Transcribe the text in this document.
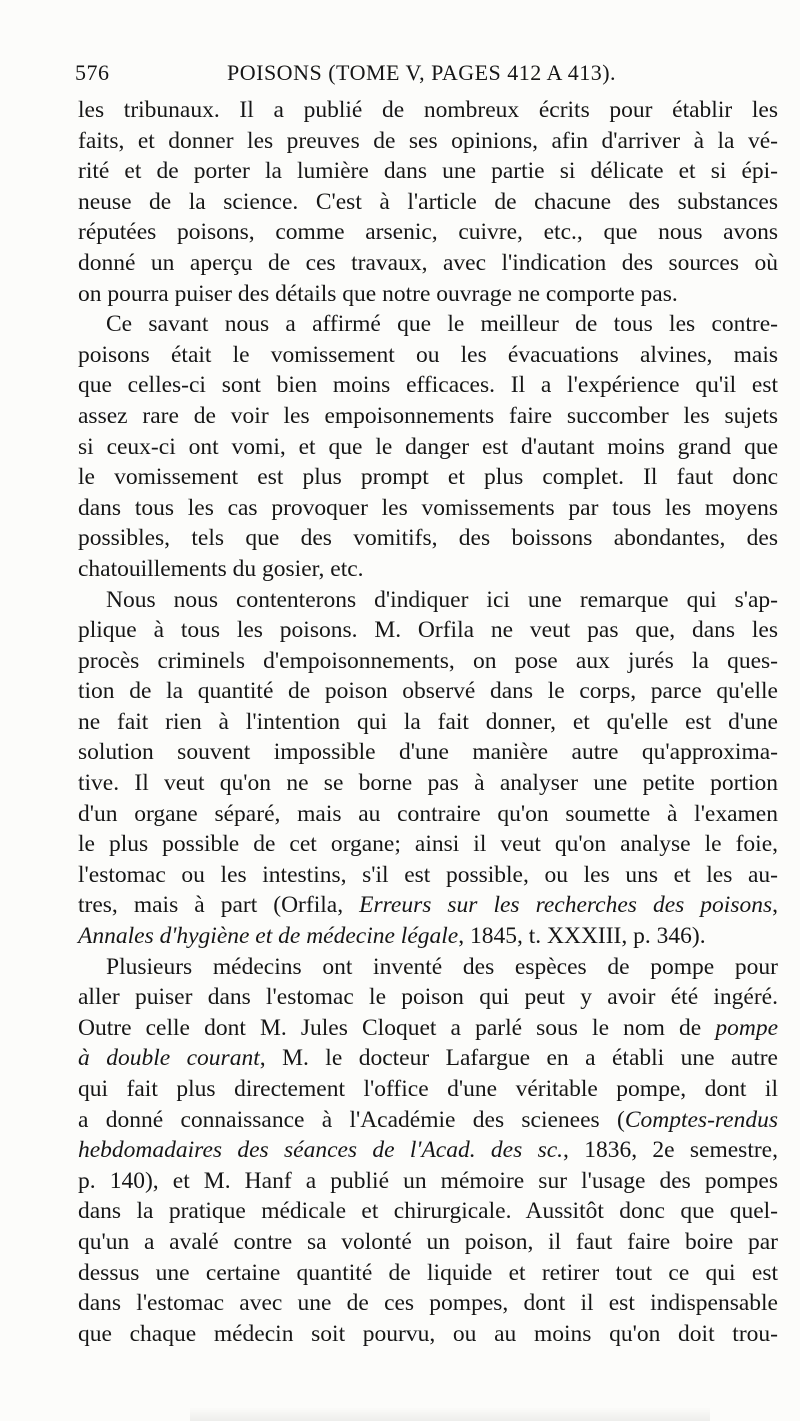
576	POISONS (TOME V, PAGES 412 A 413).
les tribunaux. Il a publié de nombreux écrits pour établir les
faits, et donner les preuves de ses opinions, afin d'arriver à la vé-
rité et de porter la lumière dans une partie si délicate et si épi-
neuse de la science. C'est à l'article de chacune des substances
réputées poisons, comme arsenic, cuivre, etc., que nous avons
donné un aperçu de ces travaux, avec l'indication des sources où
on pourra puiser des détails que notre ouvrage ne comporte pas.
Ce savant nous a affirmé que le meilleur de tous les contre-
poisons était le vomissement ou les évacuations alvines, mais
que celles-ci sont bien moins efficaces. Il a l'expérience qu'il est
assez rare de voir les empoisonnements faire succomber les sujets
si ceux-ci ont vomi, et que le danger est d'autant moins grand que
le vomissement est plus prompt et plus complet. Il faut donc
dans tous les cas provoquer les vomissements par tous les moyens
possibles, tels que des vomitifs, des boissons abondantes, des
chatouillements du gosier, etc.
Nous nous contenterons d'indiquer ici une remarque qui s'ap-
plique à tous les poisons. M. Orfila ne veut pas que, dans les
procès criminels d'empoisonnements, on pose aux jurés la ques-
tion de la quantité de poison observé dans le corps, parce qu'elle
ne fait rien à l'intention qui la fait donner, et qu'elle est d'une
solution souvent impossible d'une manière autre qu'approxima-
tive. Il veut qu'on ne se borne pas à analyser une petite portion
d'un organe séparé, mais au contraire qu'on soumette à l'examen
le plus possible de cet organe; ainsi il veut qu'on analyse le foie,
l'estomac ou les intestins, s'il est possible, ou les uns et les au-
tres, mais à part (Orfila, Erreurs sur les recherches des poisons,
Annales d'hygiène et de médecine légale, 1845, t. XXXIII, p. 346).
Plusieurs médecins ont inventé des espèces de pompe pour
aller puiser dans l'estomac le poison qui peut y avoir été ingéré.
Outre celle dont M. Jules Cloquet a parlé sous le nom de pompe
à double courant, M. le docteur Lafargue en a établi une autre
qui fait plus directement l'office d'une véritable pompe, dont il
a donné connaissance à l'Académie des scienees (Comptes-rendus
hebdomadaires des séances de l'Acad. des sc., 1836, 2e semestre,
p. 140), et M. Hanf a publié un mémoire sur l'usage des pompes
dans la pratique médicale et chirurgicale. Aussitôt donc que quel-
qu'un a avalé contre sa volonté un poison, il faut faire boire par
dessus une certaine quantité de liquide et retirer tout ce qui est
dans l'estomac avec une de ces pompes, dont il est indispensable
que chaque médecin soit pourvu, ou au moins qu'on doit trou-
